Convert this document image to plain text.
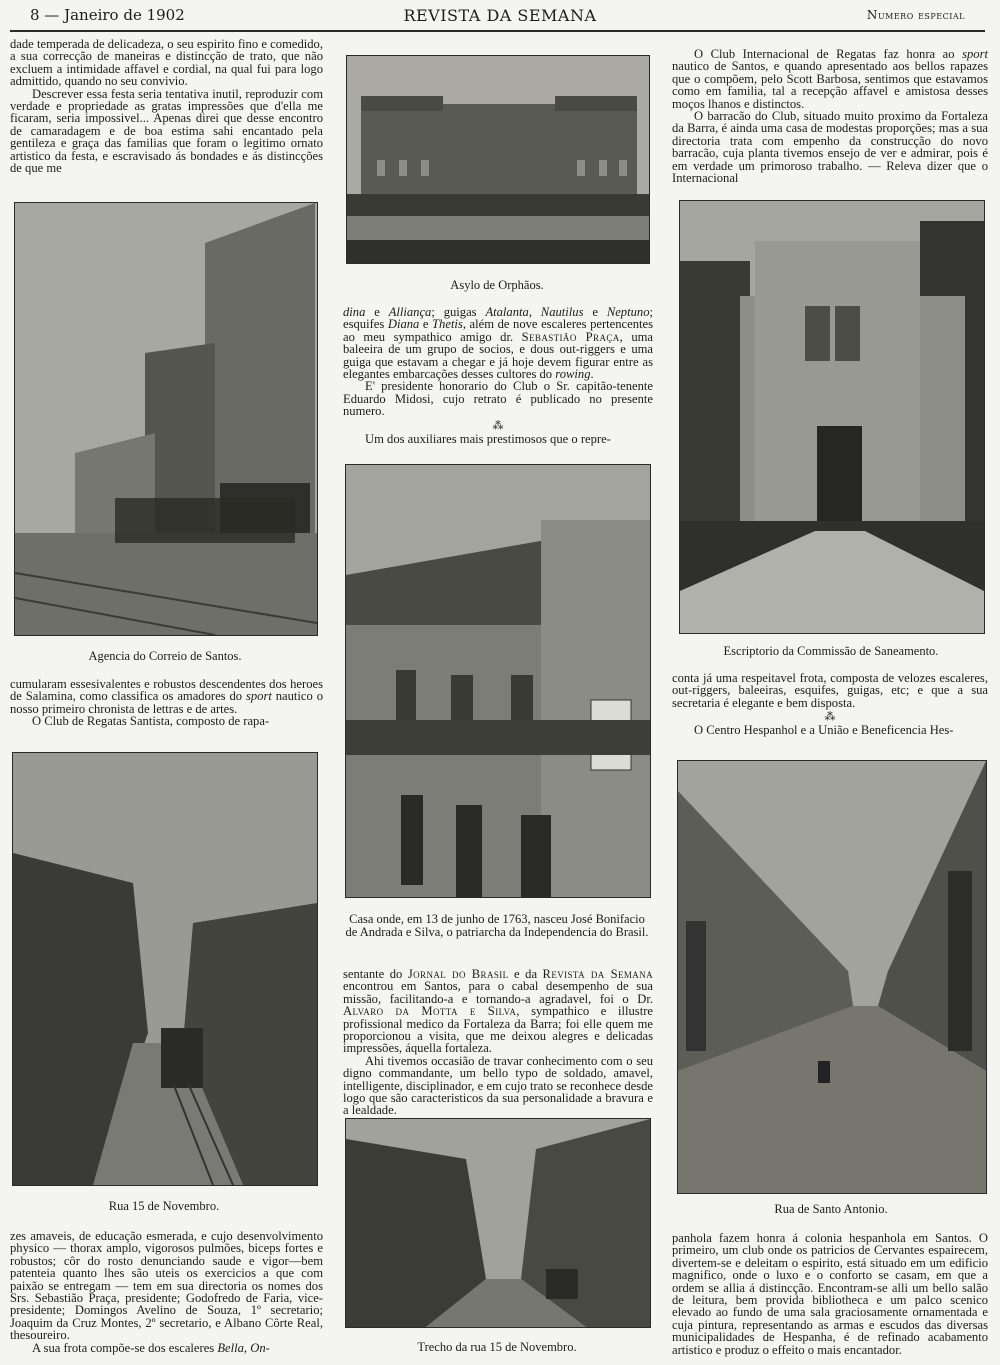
8 — Janeiro de 1902	REVISTA DA SEMANA	Numero especial

dade temperada de delicadeza, o seu espirito fino e comedido, a sua correcção de maneiras e distincção de trato, que não excluem a intimidade affavel e cordial, na qual fui para logo admittido, quando no seu convivio.

Descrever essa festa seria tentativa inutil, reproduzir com verdade e propriedade as gratas impressões que d'ella me ficaram, seria impossivel... Apenas direi que desse encontro de camaradagem e de boa estima sahi encantado pela gentileza e graça das familias que foram o legitimo ornato artistico da festa, e escravisado ás bondades e ás distincções de que me

Agencia do Correio de Santos.

cumularam essesivalentes e robustos descendentes dos heroes de Salamina, como classifica os amadores do sport nautico o nosso primeiro chronista de lettras e de artes.

O Club de Regatas Santista, composto de rapa-

Rua 15 de Novembro.

zes amaveis, de educação esmerada, e cujo desenvolvimento physico — thorax amplo, vigorosos pulmões, biceps fortes e robustos; côr do rosto denunciando saude e vigor—bem patenteia quanto lhes são uteis os exercicios a que com paixão se entregam — tem em sua directoria os nomes dos Srs. Sebastião Praça, presidente; Godofredo de Faria, vice-presidente; Domingos Avelino de Souza, 1º secretario; Joaquim da Cruz Montes, 2º secretario, e Albano Côrte Real, thesoureiro.

A sua frota compõe-se dos escaleres Bella, On-

Asylo de Orphãos.

dina e Alliança; guigas Atalanta, Nautilus e Neptuno; esquifes Diana e Thetis, além de nove escaleres pertencentes ao meu sympathico amigo dr. Sebastião Praça, uma baleeira de um grupo de socios, e dous out-riggers e uma guiga que estavam a chegar e já hoje devem figurar entre as elegantes embarcações desses cultores do rowing.

E' presidente honorario do Club o Sr. capitão-tenente Eduardo Midosi, cujo retrato é publicado no presente numero.

⁂

Um dos auxiliares mais prestimosos que o repre-

Casa onde, em 13 de junho de 1763, nasceu José Bonifacio de Andrada e Silva, o patriarcha da Independencia do Brasil.

sentante do Jornal do Brasil e da Revista da Semana encontrou em Santos, para o cabal desempenho de sua missão, facilitando-a e tornando-a agradavel, foi o Dr. Alvaro da Motta e Silva, sympathico e illustre profissional medico da Fortaleza da Barra; foi elle quem me proporcionou a visita, que me deixou alegres e delicadas impressões, áquella fortaleza.

Ahi tivemos occasião de travar conhecimento com o seu digno commandante, um bello typo de soldado, amavel, intelligente, disciplinador, e em cujo trato se reconhece desde logo que são caracteristicos da sua personalidade a bravura e a lealdade.

Trecho da rua 15 de Novembro.

O Club Internacional de Regatas faz honra ao sport nautico de Santos, e quando apresentado aos bellos rapazes que o compõem, pelo Scott Barbosa, sentimos que estavamos como em familia, tal a recepção affavel e amistosa desses moços lhanos e distinctos.

O barracão do Club, situado muito proximo da Fortaleza da Barra, é ainda uma casa de modestas proporções; mas a sua directoria trata com empenho da construcção do novo barracão, cuja planta tivemos ensejo de ver e admirar, pois é em verdade um primoroso trabalho. — Releva dizer que o Internacional

Escriptorio da Commissão de Saneamento.

conta já uma respeitavel frota, composta de velozes escaleres, out-riggers, baleeiras, esquifes, guigas, etc; e que a sua secretaria é elegante e bem disposta.

⁂

O Centro Hespanhol e a União e Beneficencia Hes-

Rua de Santo Antonio.

panhola fazem honra á colonia hespanhola em Santos. O primeiro, um club onde os patricios de Cervantes espairecem, divertem-se e deleitam o espirito, está situado em um edificio magnifico, onde o luxo e o conforto se casam, em que a ordem se allia á distincção. Encontram-se alli um bello salão de leitura, bem provida bibliotheca e um palco scenico elevado ao fundo de uma sala graciosamente ornamentada e cuja pintura, representando as armas e escudos das diversas municipalidades de Hespanha, é de refinado acabamento artistico e produz o effeito o mais encantador.
